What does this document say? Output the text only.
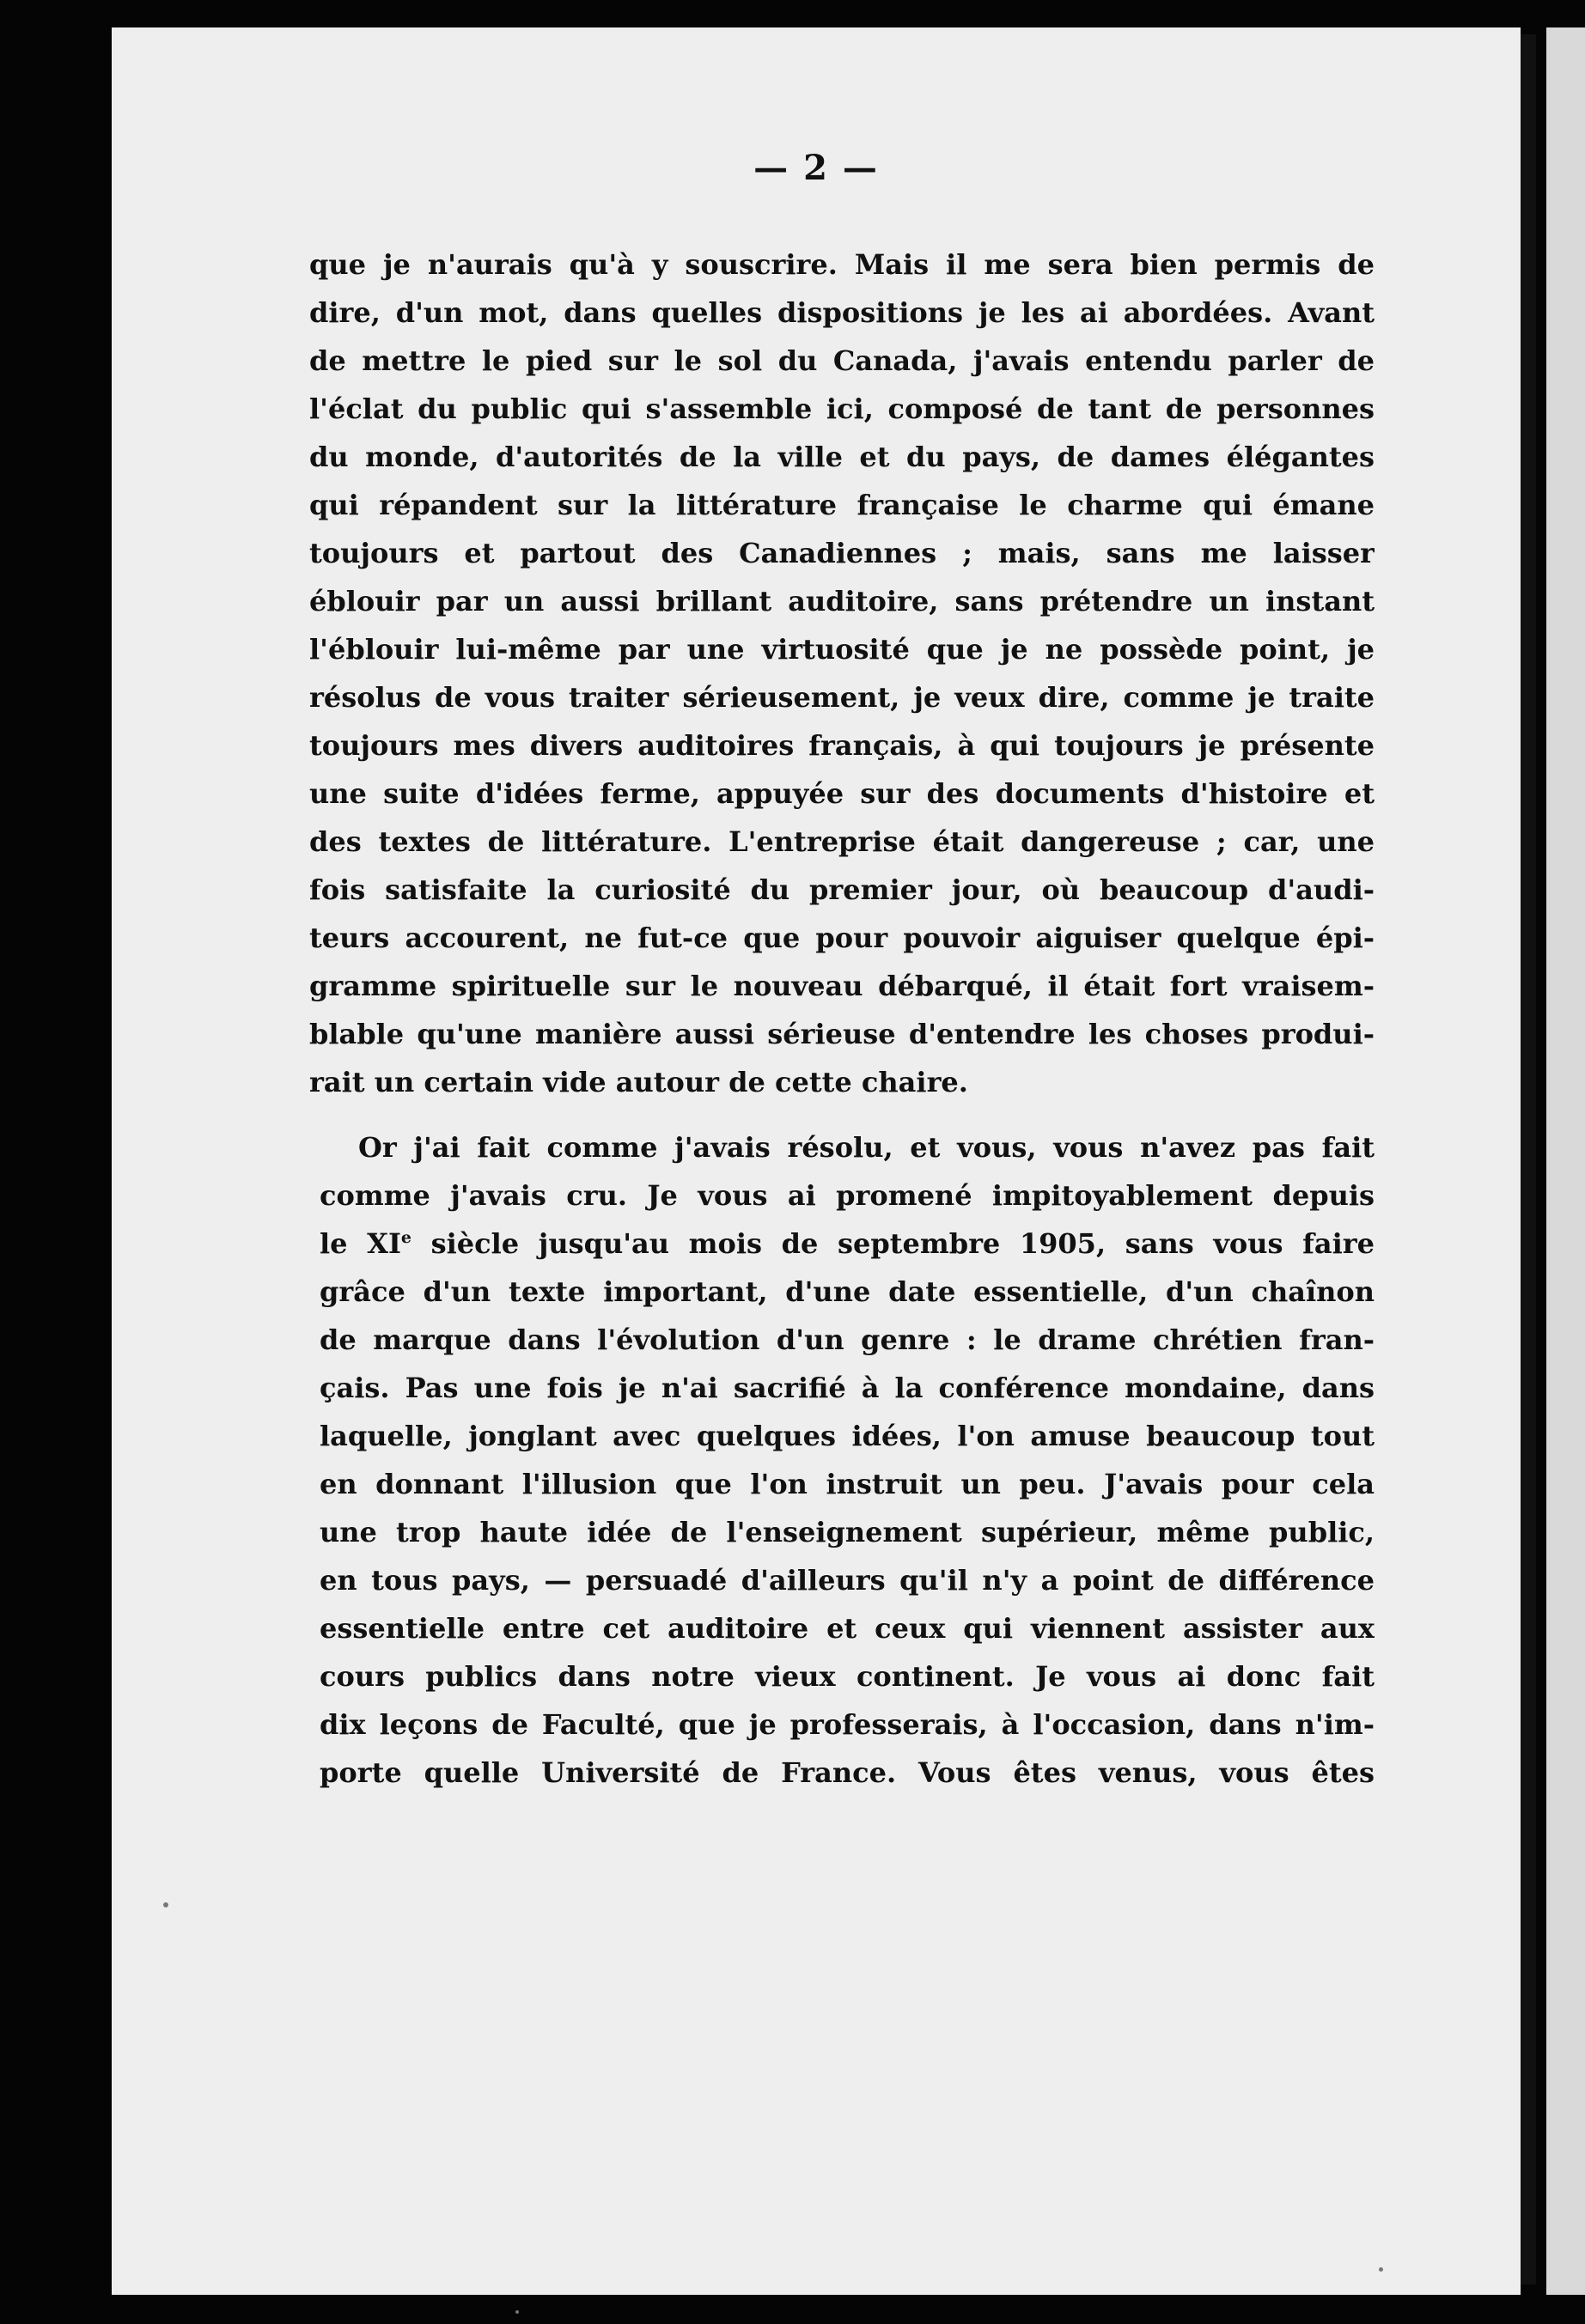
— 2 —
que je n'aurais qu'à y souscrire. Mais il me sera bien permis de
dire, d'un mot, dans quelles dispositions je les ai abordées. Avant
de mettre le pied sur le sol du Canada, j'avais entendu parler de
l'éclat du public qui s'assemble ici, composé de tant de personnes
du monde, d'autorités de la ville et du pays, de dames élégantes
qui répandent sur la littérature française le charme qui émane
toujours et partout des Canadiennes ; mais, sans me laisser
éblouir par un aussi brillant auditoire, sans prétendre un instant
l'éblouir lui-même par une virtuosité que je ne possède point, je
résolus de vous traiter sérieusement, je veux dire, comme je traite
toujours mes divers auditoires français, à qui toujours je présente
une suite d'idées ferme, appuyée sur des documents d'histoire et
des textes de littérature. L'entreprise était dangereuse ; car, une
fois satisfaite la curiosité du premier jour, où beaucoup d'audi-
teurs accourent, ne fut-ce que pour pouvoir aiguiser quelque épi-
gramme spirituelle sur le nouveau débarqué, il était fort vraisem-
blable qu'une manière aussi sérieuse d'entendre les choses produi-
rait un certain vide autour de cette chaire.
Or j'ai fait comme j'avais résolu, et vous, vous n'avez pas fait
comme j'avais cru. Je vous ai promené impitoyablement depuis
le XIe siècle jusqu'au mois de septembre 1905, sans vous faire
grâce d'un texte important, d'une date essentielle, d'un chaînon
de marque dans l'évolution d'un genre : le drame chrétien fran-
çais. Pas une fois je n'ai sacrifié à la conférence mondaine, dans
laquelle, jonglant avec quelques idées, l'on amuse beaucoup tout
en donnant l'illusion que l'on instruit un peu. J'avais pour cela
une trop haute idée de l'enseignement supérieur, même public,
en tous pays, — persuadé d'ailleurs qu'il n'y a point de différence
essentielle entre cet auditoire et ceux qui viennent assister aux
cours publics dans notre vieux continent. Je vous ai donc fait
dix leçons de Faculté, que je professerais, à l'occasion, dans n'im-
porte quelle Université de France. Vous êtes venus, vous êtes
